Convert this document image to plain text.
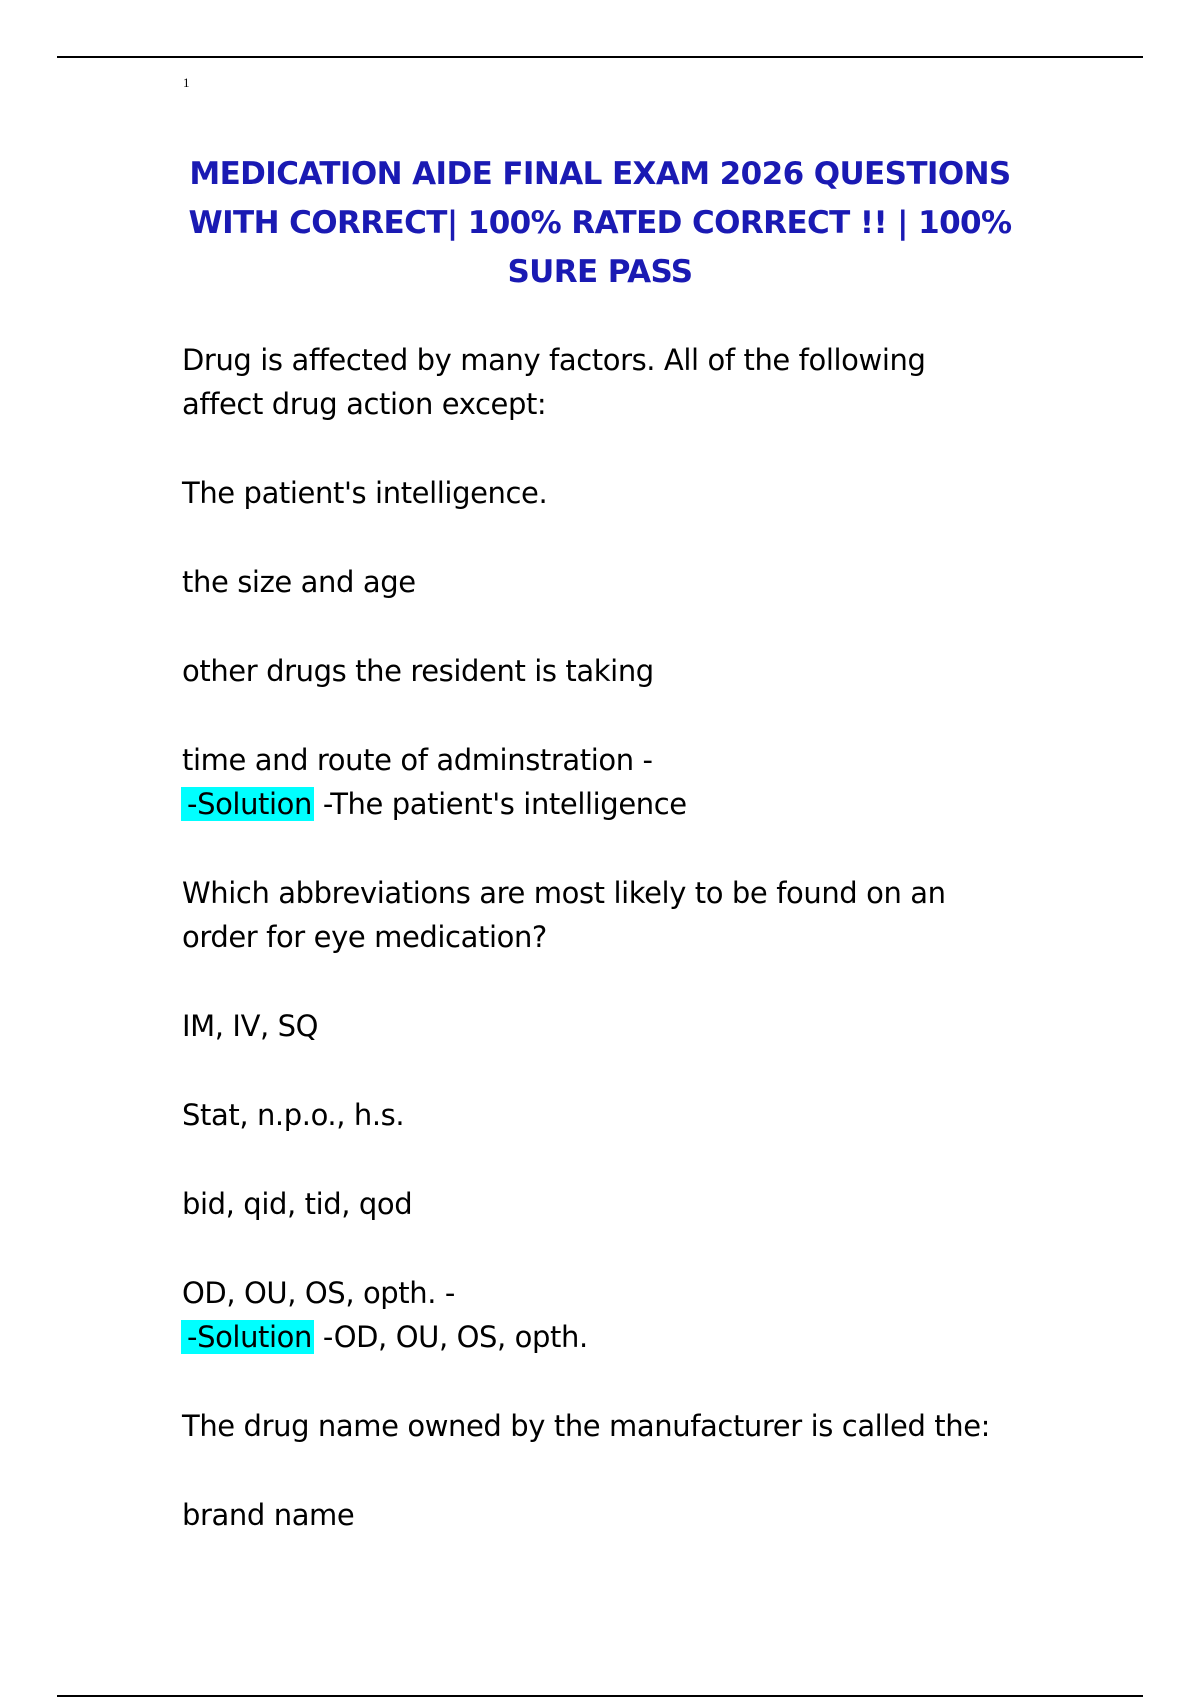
1
MEDICATION AIDE FINAL EXAM 2026 QUESTIONS
WITH CORRECT| 100% RATED CORRECT !! | 100%
SURE PASS

Drug is affected by many factors. All of the following

affect drug action except:

The patient's intelligence.

the size and age

other drugs the resident is taking

time and route of adminstration -

-Solution -The patient's intelligence

Which abbreviations are most likely to be found on an

order for eye medication?

IM, IV, SQ

Stat, n.p.o., h.s.

bid, qid, tid, qod

OD, OU, OS, opth. -

-Solution -OD, OU, OS, opth.

The drug name owned by the manufacturer is called the:

brand name
